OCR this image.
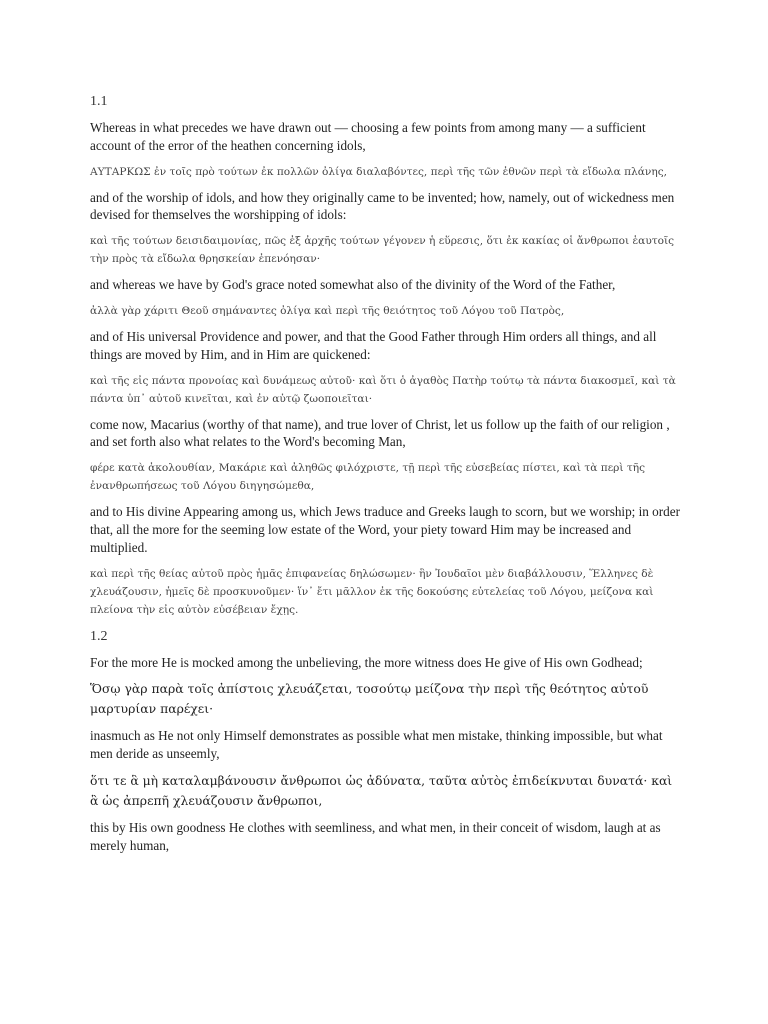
1.1

Whereas in what precedes we have drawn out — choosing a few points from among many — a sufficient account of the error of the heathen concerning idols,

ΑΥΤΑΡΚΩΣ ἐν τοῖς πρὸ τούτων ἐκ πολλῶν ὀλίγα διαλαβόντες, περὶ τῆς τῶν ἐθνῶν περὶ τὰ εἴδωλα πλάνης,

and of the worship of idols, and how they originally came to be invented; how, namely, out of wickedness men devised for themselves the worshipping of idols:

καὶ τῆς τούτων δεισιδαιμονίας, πῶς ἐξ ἀρχῆς τούτων γέγονεν ἡ εὕρεσις, ὅτι ἐκ κακίας οἱ ἄνθρωποι ἑαυτοῖς τὴν πρὸς τὰ εἴδωλα θρησκείαν ἐπενόησαν·

and whereas we have by God's grace noted somewhat also of the divinity of the Word of the Father,

ἀλλὰ γὰρ χάριτι Θεοῦ σημάναντες ὀλίγα καὶ περὶ τῆς θειότητος τοῦ Λόγου τοῦ Πατρὸς,

and of His universal Providence and power, and that the Good Father through Him orders all things, and all things are moved by Him, and in Him are quickened:

καὶ τῆς εἰς πάντα προνοίας καὶ δυνάμεως αὐτοῦ· καὶ ὅτι ὁ ἀγαθὸς Πατὴρ τούτῳ τὰ πάντα διακοσμεῖ, καὶ τὰ πάντα ὑπ᾽ αὐτοῦ κινεῖται, καὶ ἐν αὐτῷ ζωοποιεῖται·

come now, Macarius (worthy of that name), and true lover of Christ, let us follow up the faith of our religion , and set forth also what relates to the Word's becoming Man,

φέρε κατὰ ἀκολουθίαν, Μακάριε καὶ ἀληθῶς φιλόχριστε, τῇ περὶ τῆς εὐσεβείας πίστει, καὶ τὰ περὶ τῆς ἐνανθρωπήσεως τοῦ Λόγου διηγησώμεθα,

and to His divine Appearing among us, which Jews traduce and Greeks laugh to scorn, but we worship; in order that, all the more for the seeming low estate of the Word, your piety toward Him may be increased and multiplied.

καὶ περὶ τῆς θείας αὐτοῦ πρὸς ἡμᾶς ἐπιφανείας δηλώσωμεν· ἣν Ἰουδαῖοι μὲν διαβάλλουσιν, Ἕλληνες δὲ χλευάζουσιν, ἡμεῖς δὲ προσκυνοῦμεν· ἵν᾽ ἔτι μᾶλλον ἐκ τῆς δοκούσης εὐτελείας τοῦ Λόγου, μείζονα καὶ πλείονα τὴν εἰς αὐτὸν εὐσέβειαν ἔχῃς.

1.2

For the more He is mocked among the unbelieving, the more witness does He give of His own Godhead;

Ὅσῳ γὰρ παρὰ τοῖς ἀπίστοις χλευάζεται, τοσούτῳ μείζονα τὴν περὶ τῆς θεότητος αὐτοῦ μαρτυρίαν παρέχει·

inasmuch as He not only Himself demonstrates as possible what men mistake, thinking impossible, but what men deride as unseemly,

ὅτι τε ἃ μὴ καταλαμβάνουσιν ἄνθρωποι ὡς ἀδύνατα, ταῦτα αὐτὸς ἐπιδείκνυται δυνατά· καὶ ἃ ὡς ἀπρεπῆ χλευάζουσιν ἄνθρωποι,

this by His own goodness He clothes with seemliness, and what men, in their conceit of wisdom, laugh at as merely human,
